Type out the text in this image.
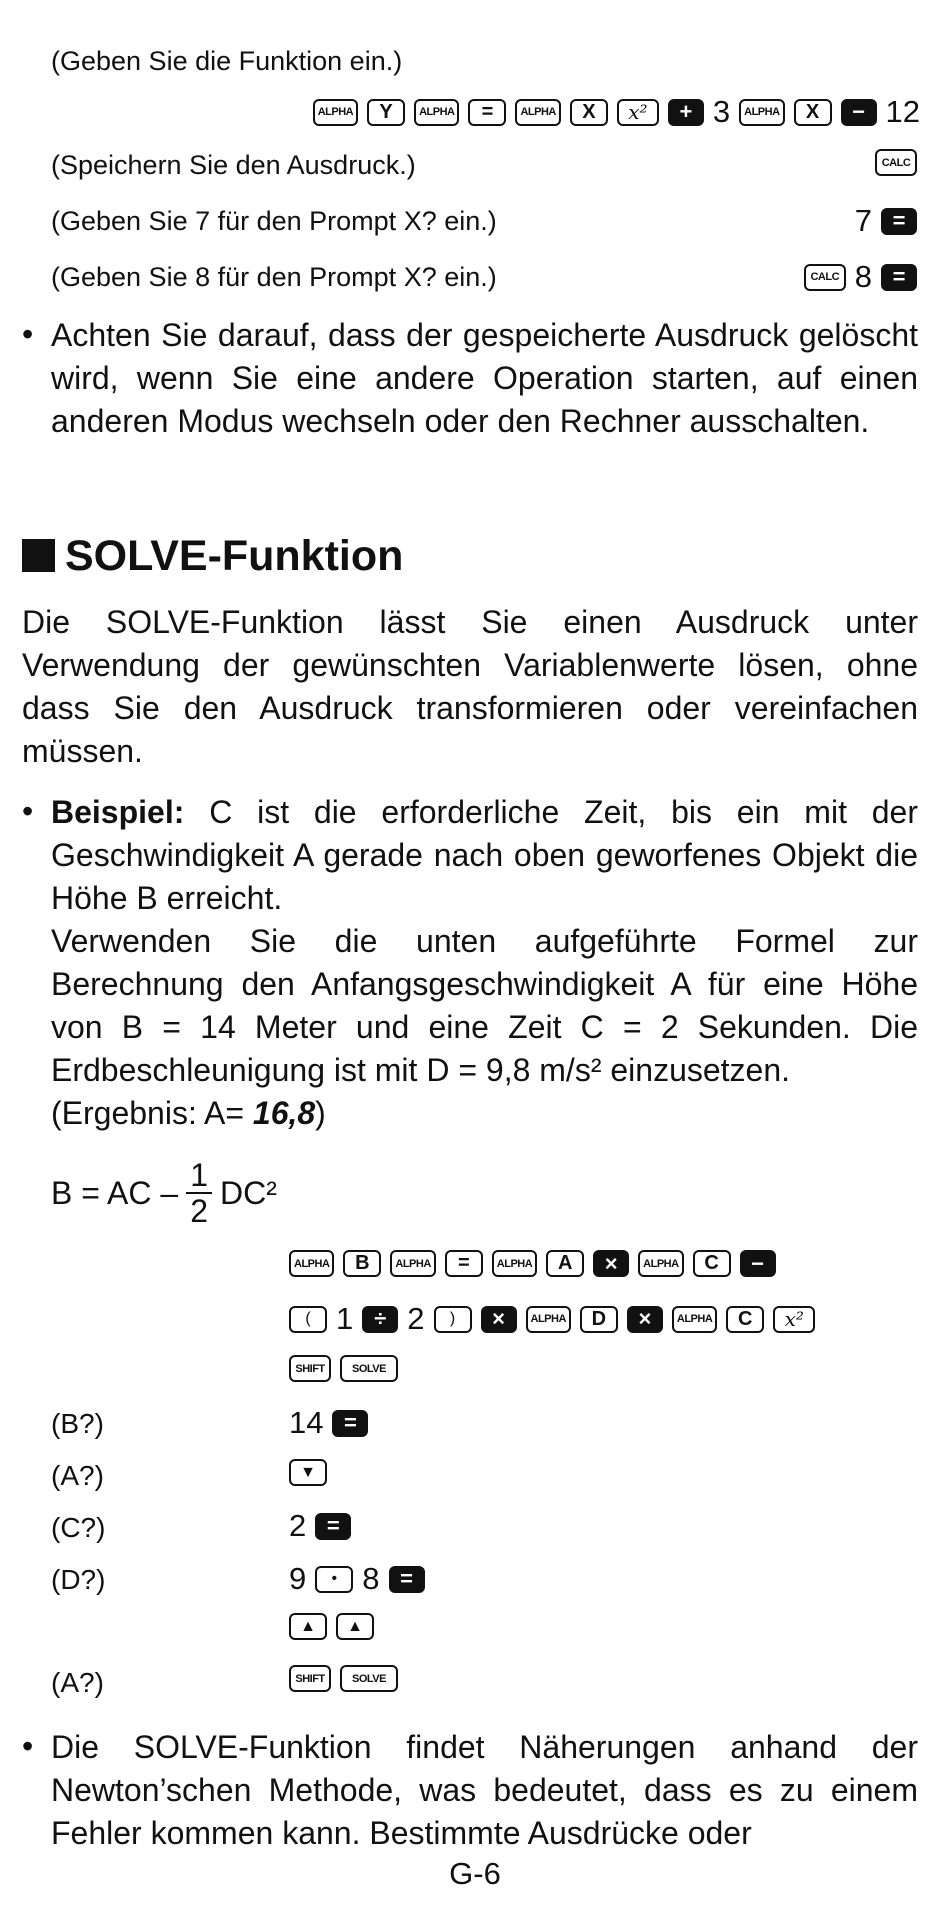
(Geben Sie die Funktion ein.)
ALPHA	Y	ALPHA	=	ALPHA	X	x²	+ 3	ALPHA	X	− 12
(Speichern Sie den Ausdruck.)	CALC
(Geben Sie 7 für den Prompt X? ein.)	7 =
(Geben Sie 8 für den Prompt X? ein.)	CALC 8 =
• Achten Sie darauf, dass der gespeicherte Ausdruck gelöscht wird, wenn Sie eine andere Operation starten, auf einen anderen Modus wechseln oder den Rechner ausschalten.
SOLVE-Funktion
Die SOLVE-Funktion lässt Sie einen Ausdruck unter Verwendung der gewünschten Variablenwerte lösen, ohne dass Sie den Ausdruck transformieren oder vereinfachen müssen.
• Beispiel: C ist die erforderliche Zeit, bis ein mit der Geschwindigkeit A gerade nach oben geworfenes Objekt die Höhe B erreicht.
Verwenden Sie die unten aufgeführte Formel zur Berechnung den Anfangsgeschwindigkeit A für eine Höhe von B = 14 Meter und eine Zeit C = 2 Sekunden. Die Erdbeschleunigung ist mit D = 9,8 m/s² einzusetzen.
(Ergebnis: A= 16,8)
B = AC – $\frac{1}{2} DC^2$
ALPHA	B	ALPHA	=	ALPHA	A	×	ALPHA	C	−
( 1 ÷ 2	)	×	ALPHA	D	×	ALPHA	C	x²
SHIFT	SOLVE
(B?)	14 =
(A?)	▼
(C?)	2 =
(D?)	9	• 8 =
▲	▲
(A?)	SHIFT	SOLVE
• Die SOLVE-Funktion findet Näherungen anhand der Newton’schen Methode, was bedeutet, dass es zu einem Fehler kommen kann. Bestimmte Ausdrücke oder
G-6
